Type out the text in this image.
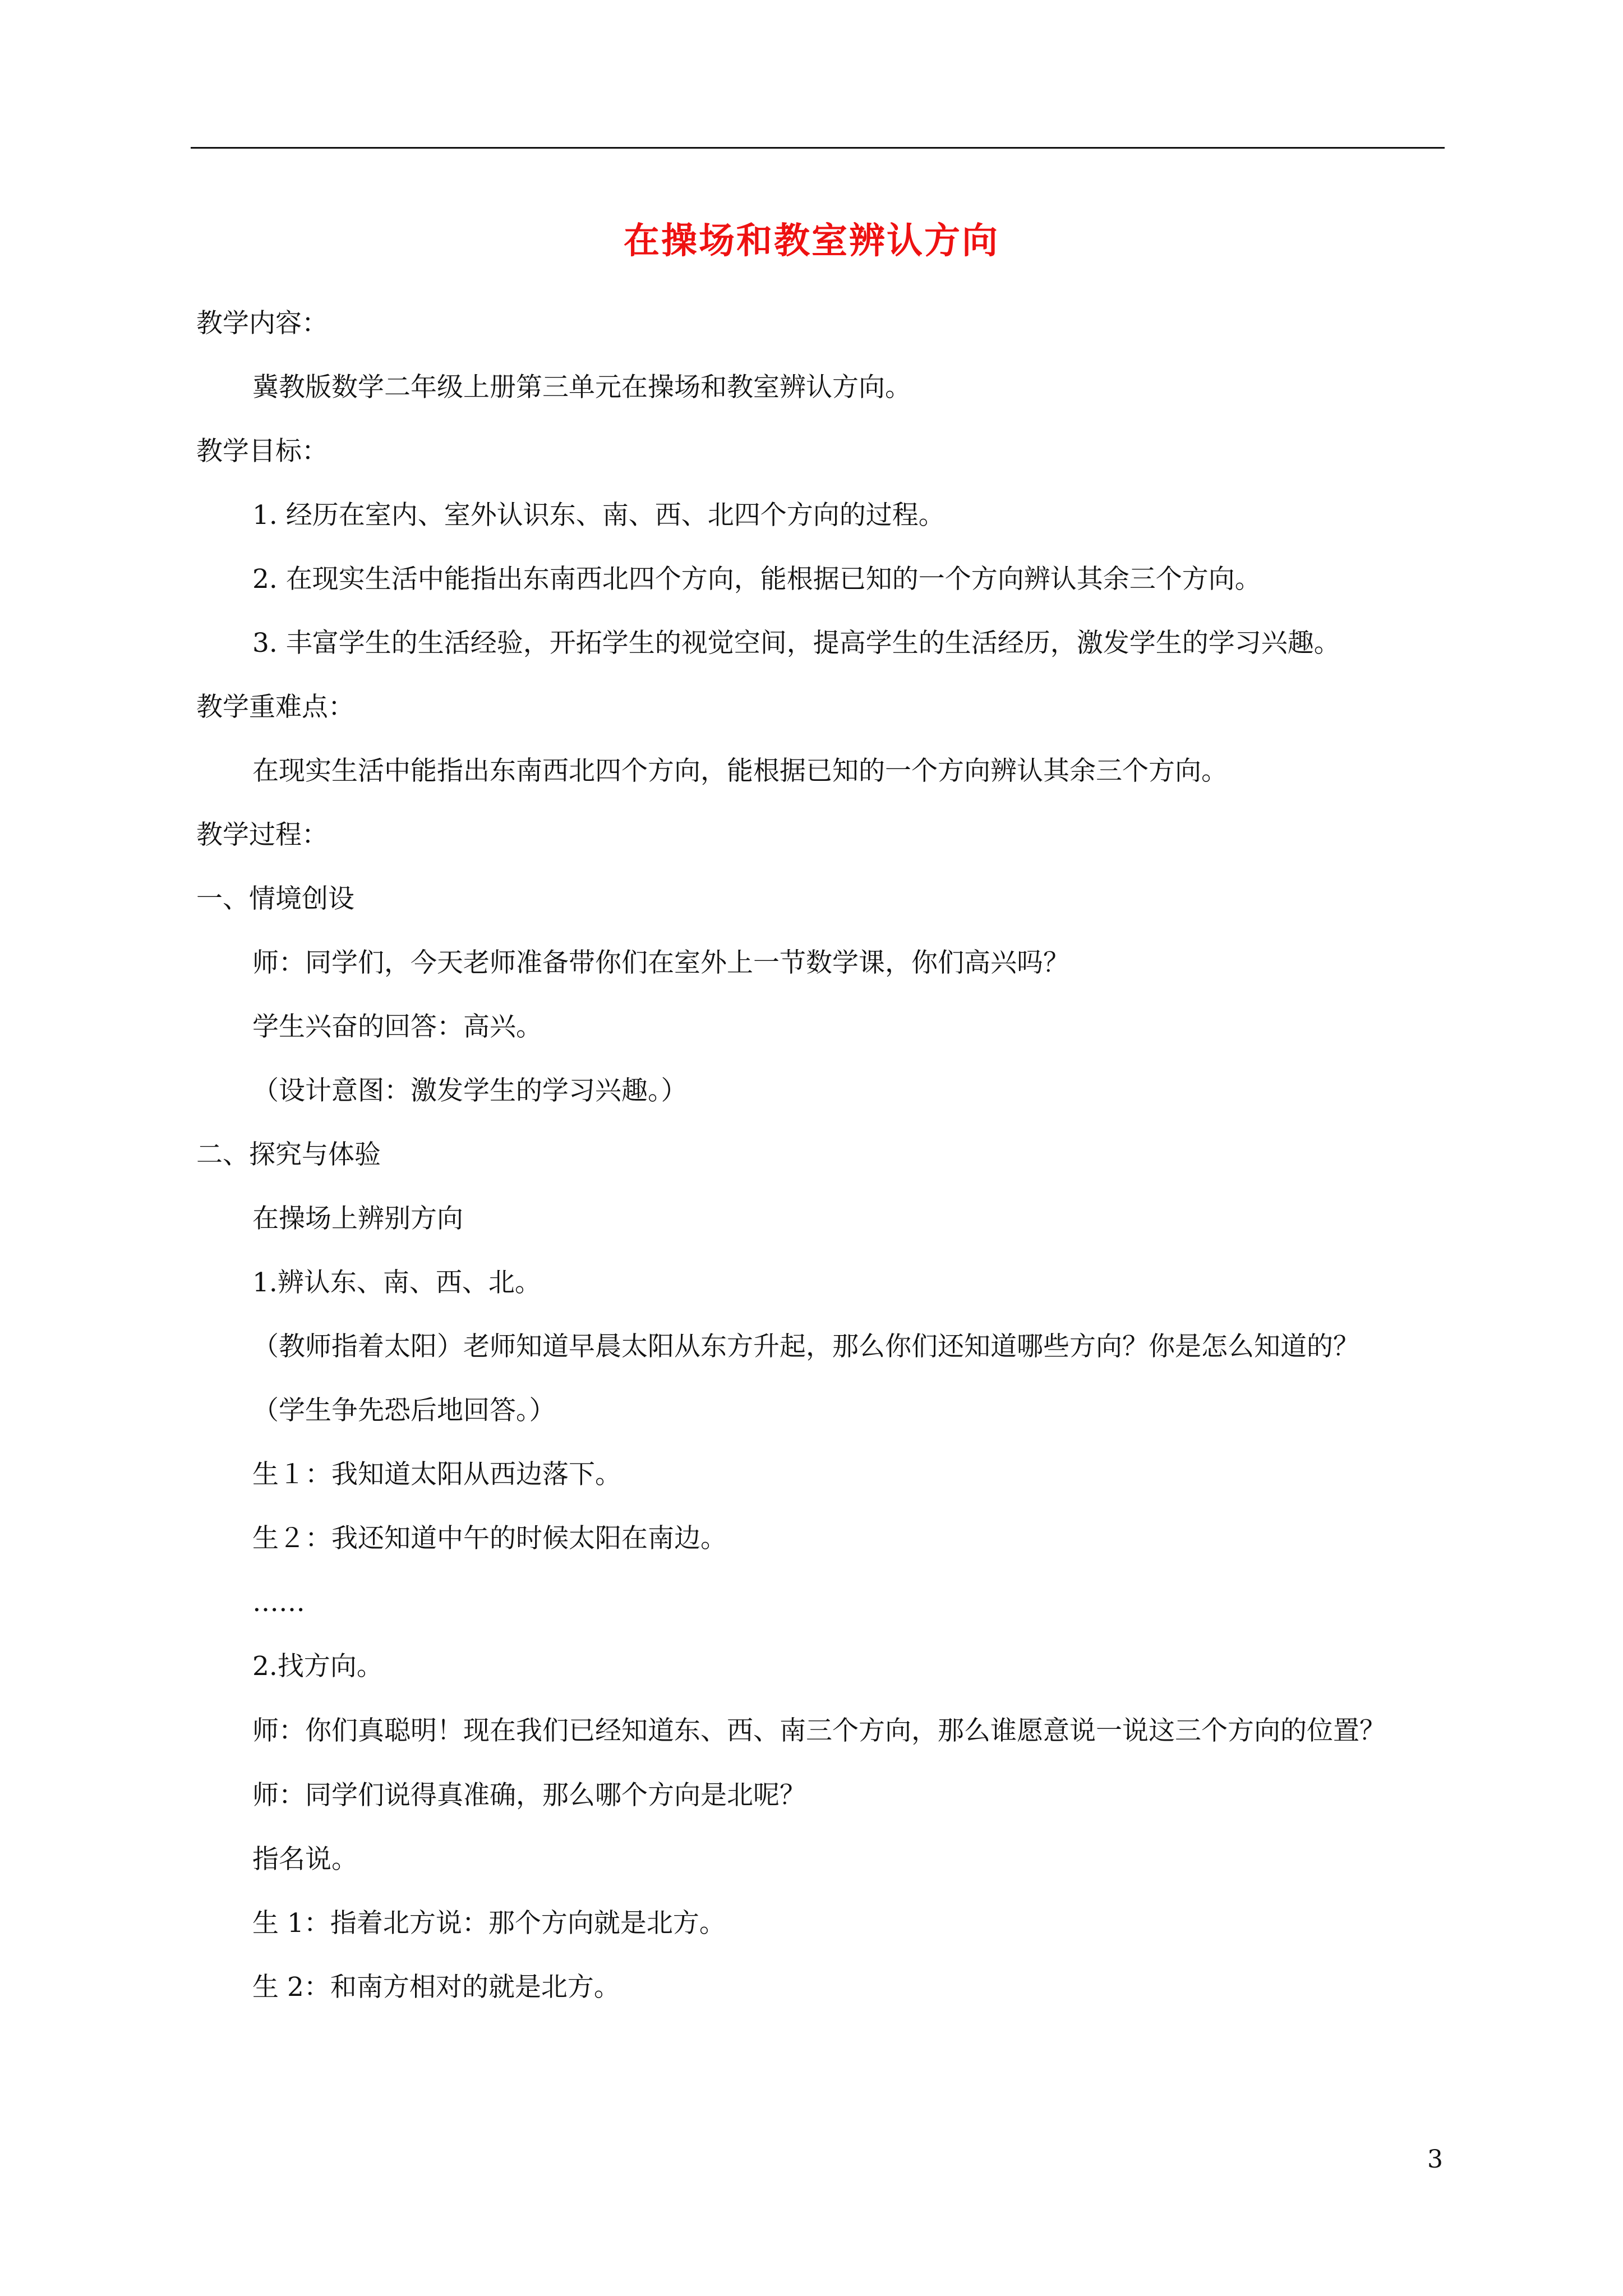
在操场和教室辨认方向
教学内容：
冀教版数学二年级上册第三单元在操场和教室辨认方向。
教学目标：
1. 经历在室内、室外认识东、南、西、北四个方向的过程。
2. 在现实生活中能指出东南西北四个方向，能根据已知的一个方向辨认其余三个方向。
3. 丰富学生的生活经验，开拓学生的视觉空间，提高学生的生活经历，激发学生的学习兴趣。
教学重难点：
在现实生活中能指出东南西北四个方向，能根据已知的一个方向辨认其余三个方向。
教学过程：
一、情境创设
师：同学们，今天老师准备带你们在室外上一节数学课，你们高兴吗？
学生兴奋的回答：高兴。
（设计意图：激发学生的学习兴趣。）
二、探究与体验
在操场上辨别方向
1.辨认东、南、西、北。
（教师指着太阳）老师知道早晨太阳从东方升起，那么你们还知道哪些方向？你是怎么知道的？
（学生争先恐后地回答。）
生１：我知道太阳从西边落下。
生２：我还知道中午的时候太阳在南边。
……
2.找方向。
师：你们真聪明！现在我们已经知道东、西、南三个方向，那么谁愿意说一说这三个方向的位置？
师：同学们说得真准确，那么哪个方向是北呢？
指名说。
生 1：指着北方说：那个方向就是北方。
生 2：和南方相对的就是北方。
3
